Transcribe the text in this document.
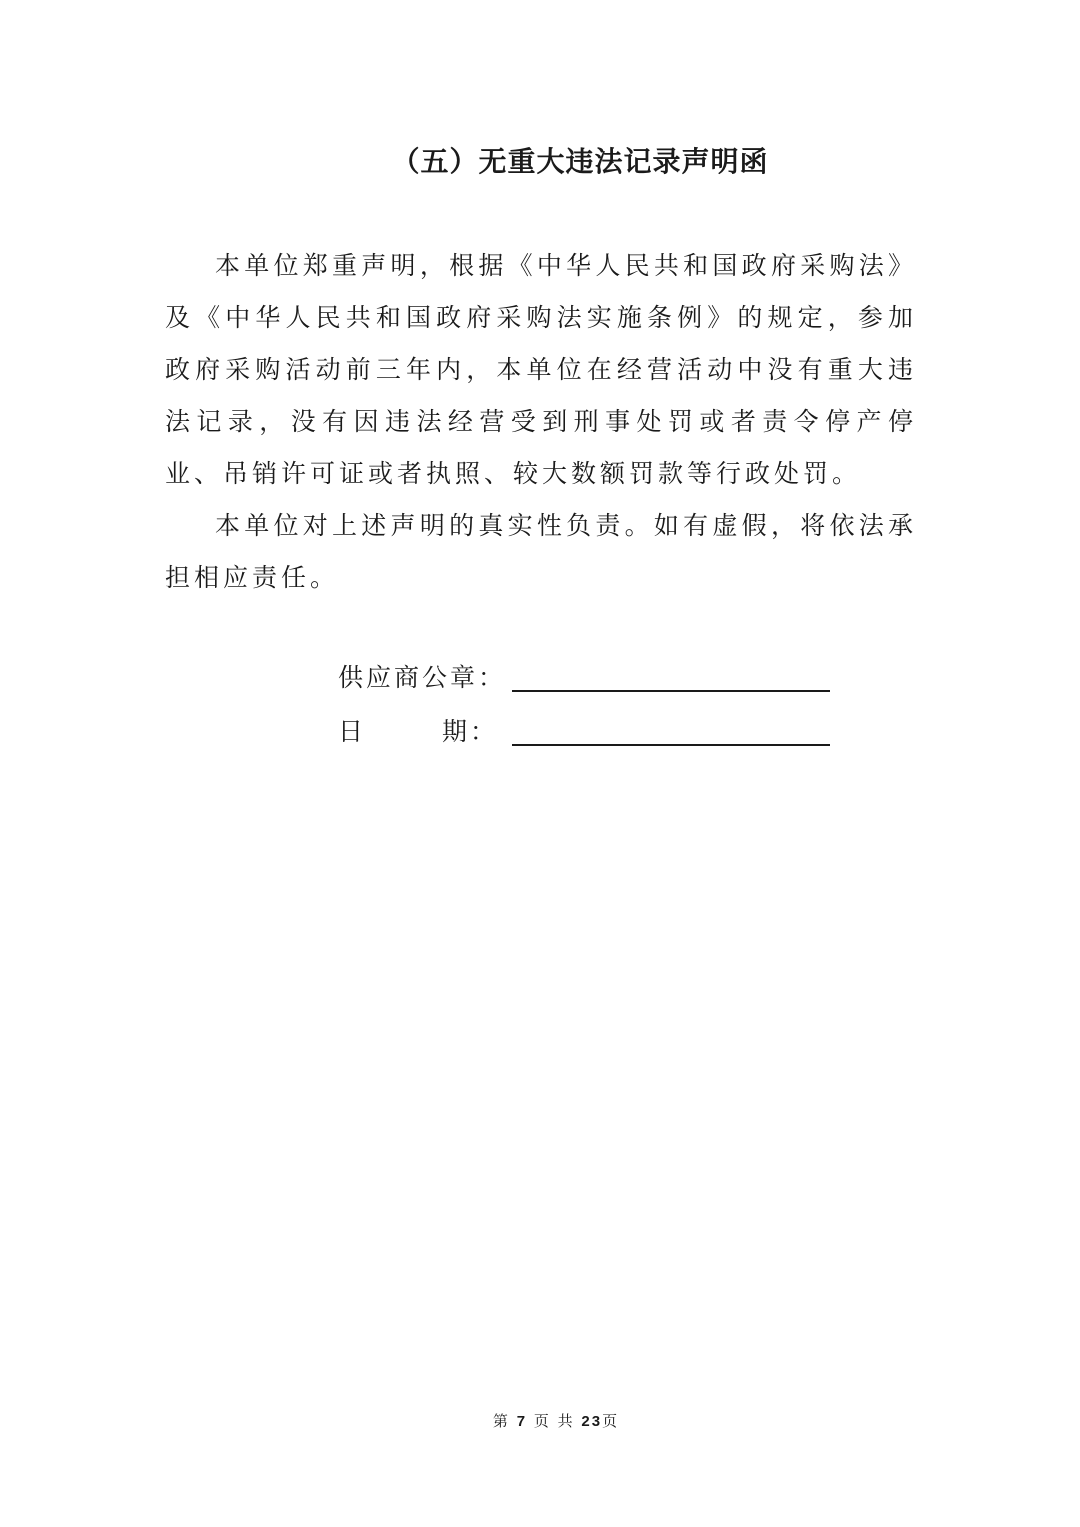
（五）无重大违法记录声明函

本单位郑重声明，根据《中华人民共和国政府采购法》及《中华人民共和国政府采购法实施条例》的规定，参加政府采购活动前三年内，本单位在经营活动中没有重大违法记录，没有因违法经营受到刑事处罚或者责令停产停业、吊销许可证或者执照、较大数额罚款等行政处罚。

本单位对上述声明的真实性负责。如有虚假，将依法承担相应责任。

供应商公章：
日	期：
第 7 页 共 23页
